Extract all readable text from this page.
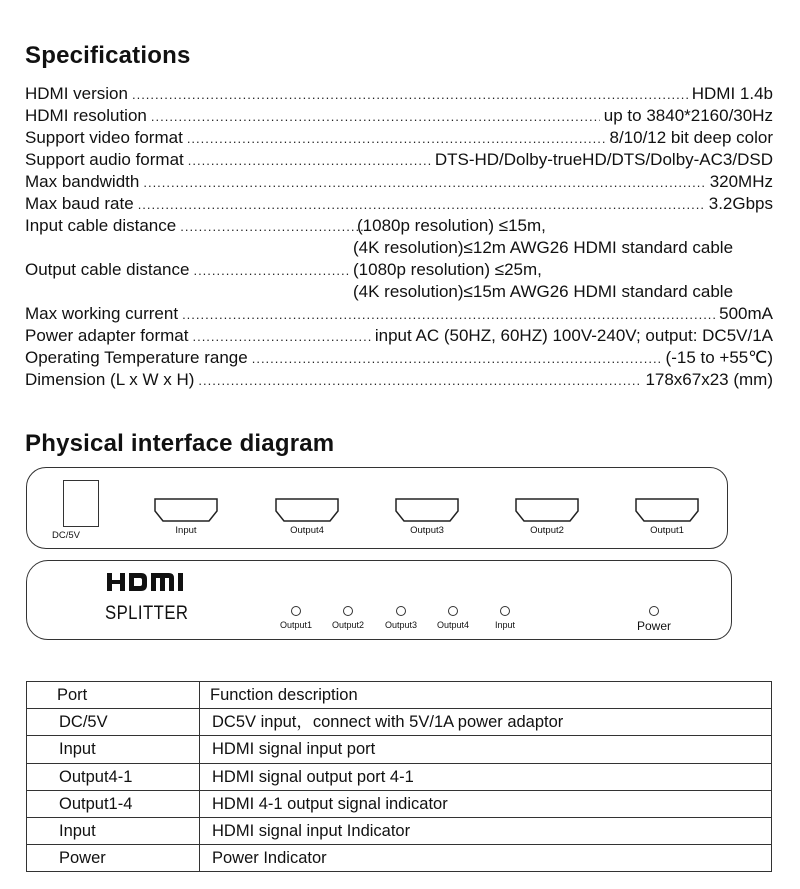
Specifications
HDMI version .....	HDMI 1.4b
HDMI resolution .....	up to 3840*2160/30Hz
Support video format .....	8/10/12 bit deep color
Support audio format .....	DTS-HD/Dolby-trueHD/DTS/Dolby-AC3/DSD
Max bandwidth .....	320MHz
Max baud rate .....	3.2Gbps
Input cable distance .....	(1080p resolution) ≤15m,
(4K resolution)≤12m AWG26 HDMI standard cable
Output cable distance .....	(1080p resolution) ≤25m,
(4K resolution)≤15m AWG26 HDMI standard cable
Max working current .....	500mA
Power adapter format .....	input AC (50HZ, 60HZ) 100V-240V; output: DC5V/1A
Operating Temperature range .....	(-15 to +55℃)
Dimension (L x W x H) .....	178x67x23 (mm)
Physical interface diagram
DC/5V	Input	Output4	Output3	Output2	Output1
SPLITTER
Output1	Output2	Output3	Output4	Input	Power
Port	Function description
DC/5V	DC5V input，connect with 5V/1A power adaptor
Input	HDMI signal input port
Output4-1	HDMI signal output port 4-1
Output1-4	HDMI 4-1 output signal indicator
Input	HDMI signal input Indicator
Power	Power Indicator
